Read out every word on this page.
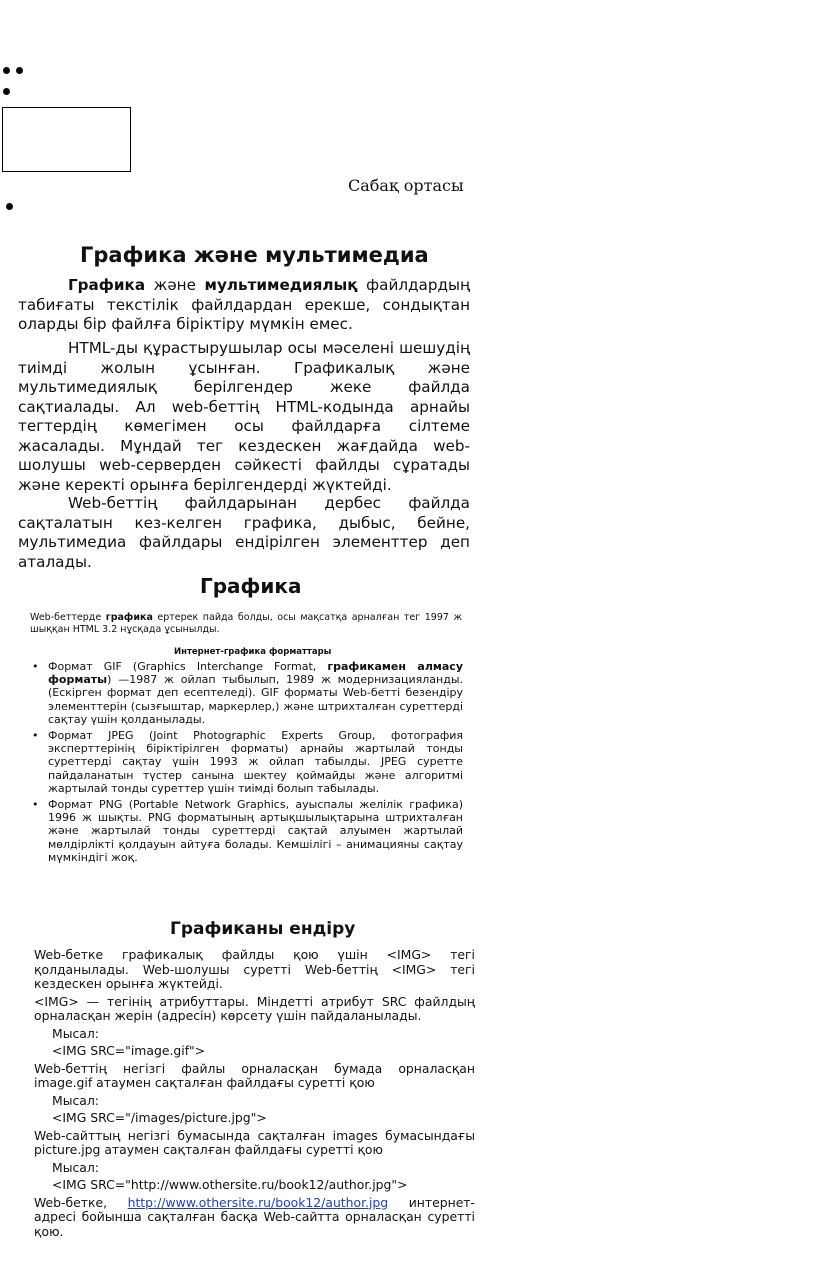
Сабақ ортасы
Графика және мультимедиа
Графика және мультимедиялық файлдардың табиғаты текстілік файлдардан ерекше, сондықтан оларды бір файлға біріктіру мүмкін емес.
HTML-ды құрастырушылар осы мәселені шешудің тиімді жолын ұсынған. Графикалық және мультимедиялық берілгендер жеке файлда сақтиалады. Ал web-беттің HTML-кодында арнайы тегтердің көмегімен осы файлдарға сілтеме жасалады. Мұндай тег кездескен жағдайда web-шолушы web-серверден сәйкесті файлды сұратады және керекті орынға берілгендерді жүктейді.
Web-беттің файлдарынан дербес файлда сақталатын кез-келген графика, дыбыс, бейне, мультимедиа файлдары ендірілген элементтер деп аталады.
Графика
Web-беттерде графика ертерек пайда болды, осы мақсатқа арналған тег 1997 ж шыққан HTML 3.2 нұсқада ұсынылды.
Интернет-графика форматтары
• Формат GIF (Graphics Interchange Format, графикамен алмасу форматы) —1987 ж ойлап тыбылып, 1989 ж модернизацияланды. (Ескірген формат деп есептеледі). GIF форматы Web-бетті безендіру элементтерін (сызғыштар, маркерлер,) және штрихталған суреттерді сақтау үшін қолданылады.
• Формат JPEG (Joint Photographic Experts Group, фотография эксперттерінің біріктірілген форматы) арнайы жартылай тонды суреттерді сақтау үшін 1993 ж ойлап табылды. JPEG суретте пайдаланатын түстер санына шектеу қоймайды және алгоритмі жартылай тонды суреттер үшін тиімді болып табылады.
• Формат PNG (Portable Network Graphics, ауыспалы желілік графика) 1996 ж шықты. PNG форматының артықшылықтарына штрихталған және жартылай тонды суреттерді сақтай алуымен жартылай мөлдірлікті қолдауын айтуға болады. Кемшілігі – анимацияны сақтау мүмкіндігі жоқ.
Графиканы ендіру

Web-бетке графикалық файлды қою үшін <IMG> тегі қолданылады. Web-шолушы суретті Web-беттің <IMG> тегі кездескен орынға жүктейді.

<IMG> — тегінің атрибуттары. Міндетті атрибут SRC файлдың орналасқан жерін (адресін) көрсету үшін пайдаланылады.

Мысал:

<IMG SRC="image.gif">

Web-беттің негізгі файлы орналасқан бумада орналасқан image.gif атаумен сақталған файлдағы суретті қою

Мысал:

<IMG SRC="/images/picture.jpg">

Web-сайттың негізгі бумасында сақталған images бумасындағы picture.jpg атаумен сақталған файлдағы суретті қою

Мысал:

<IMG SRC="http://www.othersite.ru/book12/author.jpg">

Web-бетке, http://www.othersite.ru/book12/author.jpg интернет-адресі бойынша сақталған басқа Web-сайтта орналасқан суретті қою.
